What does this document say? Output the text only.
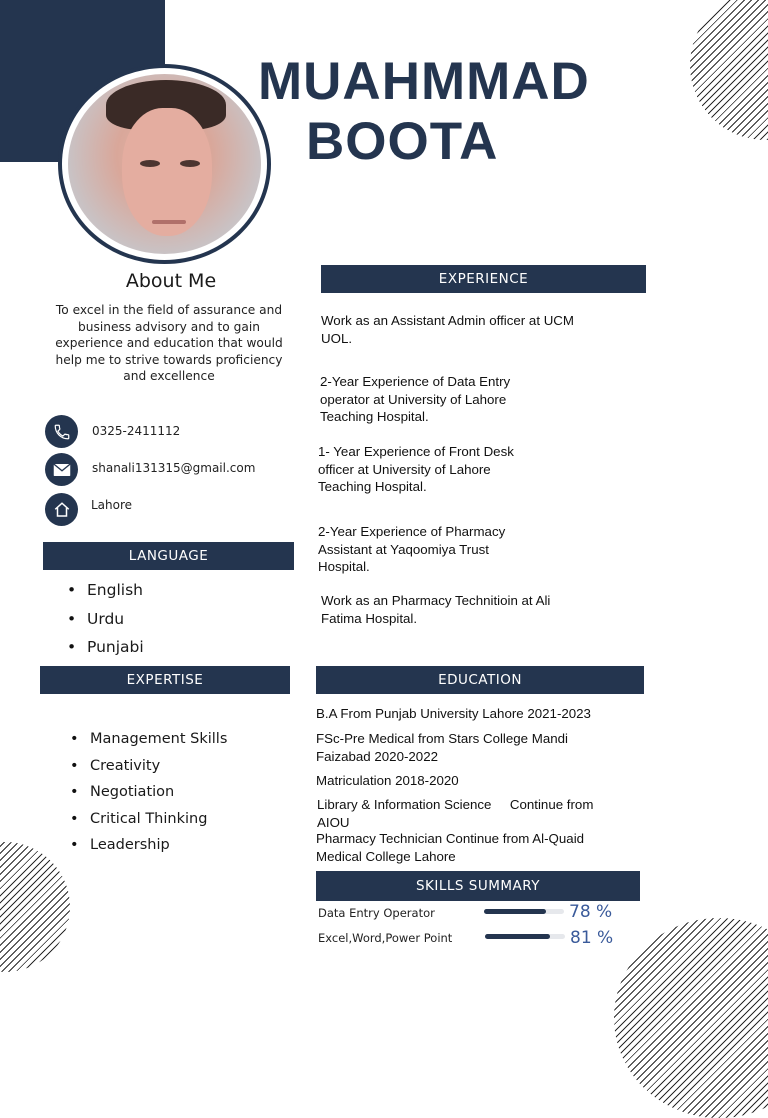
MUAHMMAD
BOOTA
About Me
To excel in the field of assurance and business advisory and to gain experience and education that would help me to strive towards proficiency and excellence
0325-2411112
shanali131315@gmail.com
Lahore
LANGUAGE
• English
• Urdu
• Punjabi
EXPERTISE
• Management Skills
• Creativity
• Negotiation
• Critical Thinking
• Leadership
EXPERIENCE
Work as an Assistant Admin officer at UCM UOL.
2-Year Experience of Data Entry operator at University of Lahore Teaching Hospital.
1- Year Experience of Front Desk officer at University of Lahore Teaching Hospital.
2-Year Experience of Pharmacy Assistant at Yaqoomiya Trust Hospital.
Work as an Pharmacy Technitioin at Ali Fatima Hospital.
EDUCATION
B.A From Punjab University Lahore 2021-2023
FSc-Pre Medical from Stars College Mandi Faizabad 2020-2022
Matriculation 2018-2020
Library & Information Science     Continue from AIOU
Pharmacy Technician Continue from Al-Quaid Medical College Lahore
SKILLS SUMMARY
Data Entry Operator	78 %
Excel,Word,Power Point	81 %
